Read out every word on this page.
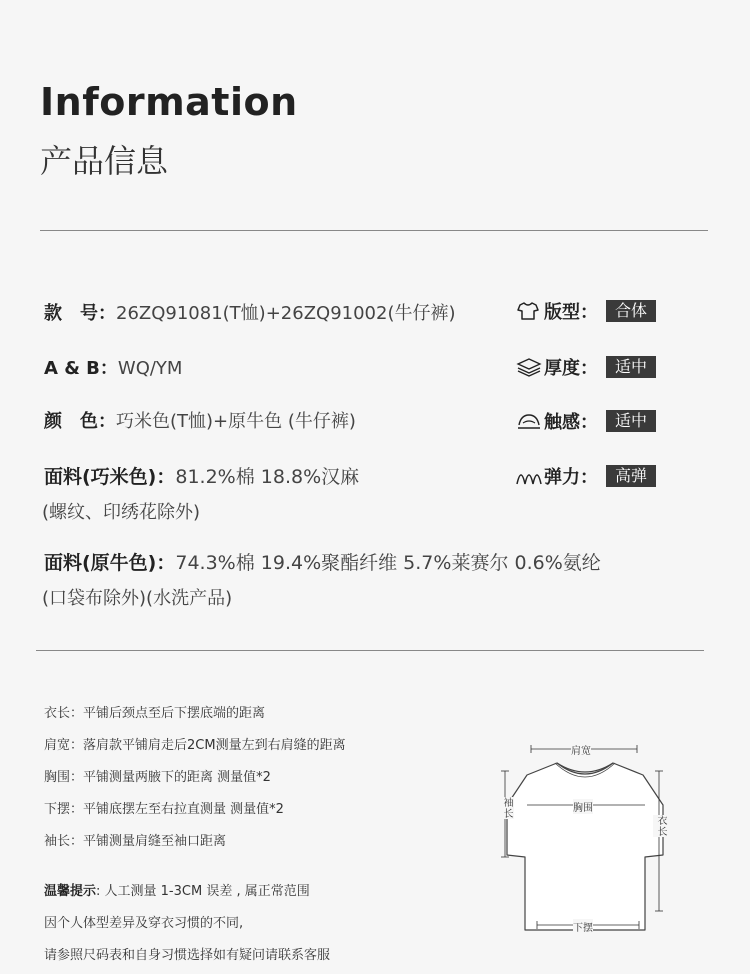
Information
产品信息
款　号：26ZQ91081(T恤)+26ZQ91002(牛仔裤)
A & B：WQ/YM
颜　色：巧米色(T恤)+原牛色 (牛仔裤)
面料(巧米色)：81.2%棉 18.8%汉麻
(螺纹、印绣花除外)
面料(原牛色)：74.3%棉 19.4%聚酯纤维 5.7%莱赛尔 0.6%氨纶
(口袋布除外)(水洗产品)
版型：	合体
厚度：	适中
触感：	适中
弹力：	高弹
衣长：平铺后颈点至后下摆底端的距离
肩宽：落肩款平铺肩走后2CM测量左到右肩缝的距离
胸围：平铺测量两腋下的距离 测量值*2
下摆：平铺底摆左至右拉直测量 测量值*2
袖长：平铺测量肩缝至袖口距离
温馨提示: 人工测量 1-3CM 误差 , 属正常范围
因个人体型差异及穿衣习惯的不同,
请参照尺码表和自身习惯选择如有疑问请联系客服
肩宽
胸围
袖长
衣长
下摆
